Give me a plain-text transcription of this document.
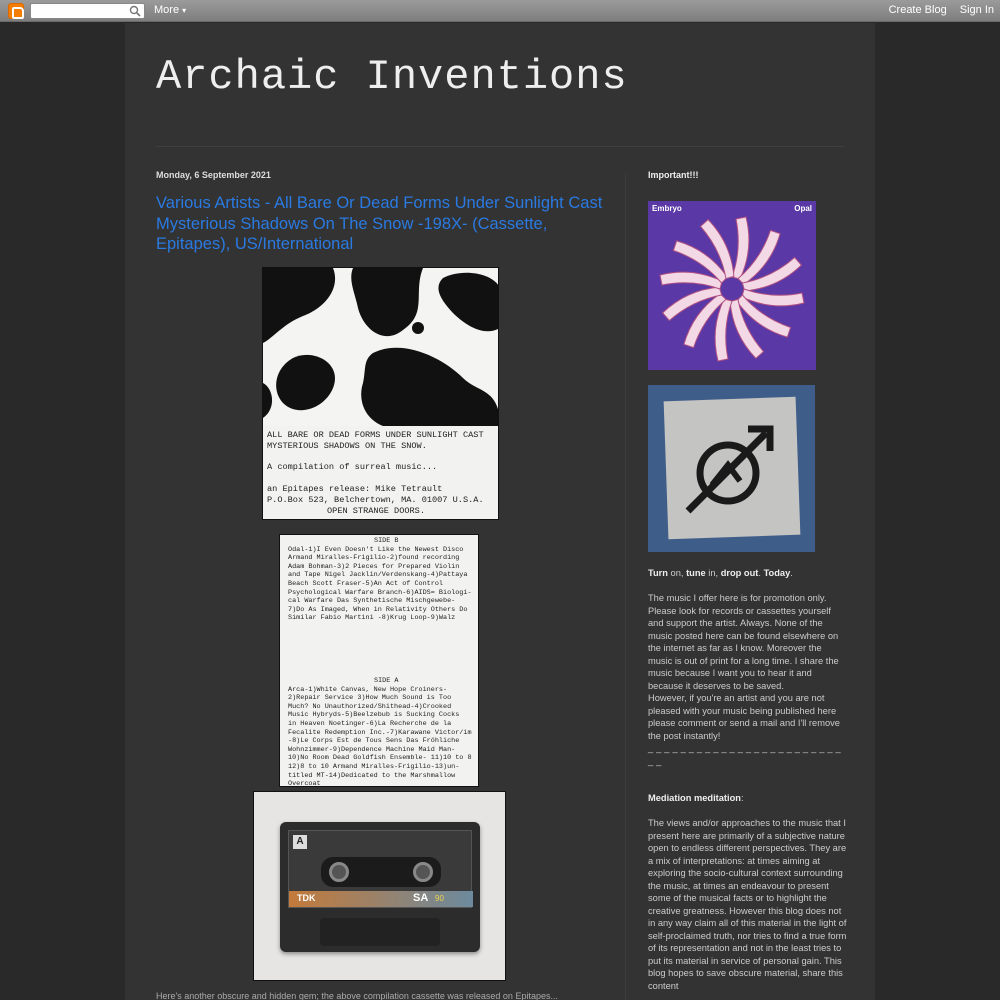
More ▾	Create Blog Sign In
Archaic Inventions
Monday, 6 September 2021
Various Artists - All Bare Or Dead Forms Under Sunlight Cast Mysterious Shadows On The Snow -198X- (Cassette, Epitapes), US/International
ALL BARE OR DEAD FORMS UNDER SUNLIGHT CAST
MYSTERIOUS SHADOWS ON THE SNOW.
A compilation of surreal music...
an Epitapes release: Mike Tetrault
P.O.Box 523, Belchertown, MA. 01007 U.S.A.
OPEN STRANGE DOORS.
SIDE B
Odal-1)I Even Doesn't Like the Newest Disco
Armand Miralles-Frigilio-2)found recording
Adam Bohman-3)2 Pieces for Prepared Violin
and Tape Nigel Jacklin/Verdenskang-4)Pattaya
Beach Scott Fraser-5)An Act of Control
Psychological Warfare Branch-6)AIDS= Biologi-
cal Warfare Das Synthetische Mischgewebe-
7)Do As Imaged, When in Relativity Others Do
Similar Fabio Martini -8)Krug Loop-9)Walz
SIDE A
Arca-1)White Canvas, New Hope Croiners-
2)Repair Service 3)How Much Sound is Too
Much? No Unauthorized/Shithead-4)Crooked
Music Hybryds-5)Beelzebub is Sucking Cocks
in Heaven Noetinger-6)La Recherche de la
Fecalite Redemption Inc.-7)Karawane Victor/im
-8)Le Corps Est de Tous Sens Das Fröhliche
Wohnzimmer-9)Dependence Machine Maid Man-
10)No Room Dead Goldfish Ensemble- 11)10 to 8
12)8 to 10 Armand Miralles-Frigilio-13)un-
titled MT-14)Dedicated to the Marshmallow
Overcoat
A
TDK	SA 90
Here's another obscure and hidden gem; the above compilation cassette was released on Epitapes...
Important!!!
Embryo	Opal
Turn on, tune in, drop out. Today.
The music I offer here is for promotion only. Please look for records or cassettes yourself and support the artist. Always. None of the music posted here can be found elsewhere on the internet as far as I know. Moreover the music is out of print for a long time. I share the music because I want you to hear it and because it deserves to be saved.
However, if you're an artist and you are not pleased with your music being published here please comment or send a mail and I'll remove the post instantly!
_ _ _ _ _ _ _ _ _ _ _ _ _ _ _ _ _ _ _ _ _ _ _ _ _ _
Mediation meditation:
The views and/or approaches to the music that I present here are primarily of a subjective nature open to endless different perspectives. They are a mix of interpretations: at times aiming at exploring the socio-cultural context surrounding the music, at times an endeavour to present some of the musical facts or to highlight the creative greatness. However this blog does not in any way claim all of this material in the light of self-proclaimed truth, nor tries to find a true form of its representation and not in the least tries to put its material in service of personal gain. This blog hopes to save obscure material, share this content
